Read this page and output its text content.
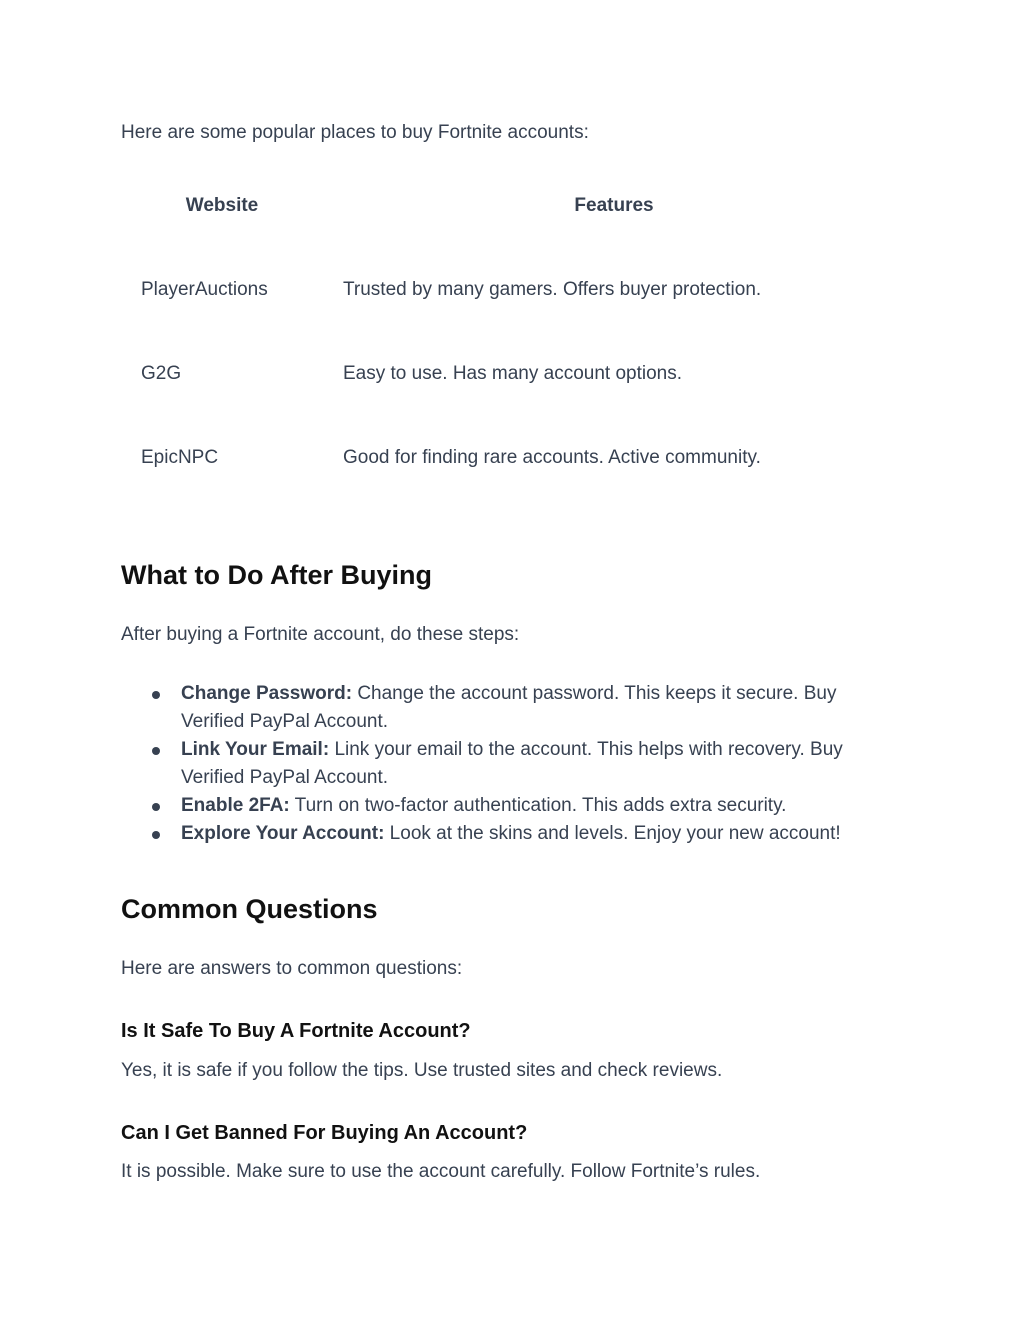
Here are some popular places to buy Fortnite accounts:

Website	Features
PlayerAuctions	Trusted by many gamers. Offers buyer protection.
G2G	Easy to use. Has many account options.
EpicNPC	Good for finding rare accounts. Active community.
What to Do After Buying

After buying a Fortnite account, do these steps:

Change Password: Change the account password. This keeps it secure. Buy Verified PayPal Account.
Link Your Email: Link your email to the account. This helps with recovery. Buy Verified PayPal Account.
Enable 2FA: Turn on two-factor authentication. This adds extra security.
Explore Your Account: Look at the skins and levels. Enjoy your new account!
Common Questions

Here are answers to common questions:

Is It Safe To Buy A Fortnite Account?

Yes, it is safe if you follow the tips. Use trusted sites and check reviews.

Can I Get Banned For Buying An Account?

It is possible. Make sure to use the account carefully. Follow Fortnite’s rules.
